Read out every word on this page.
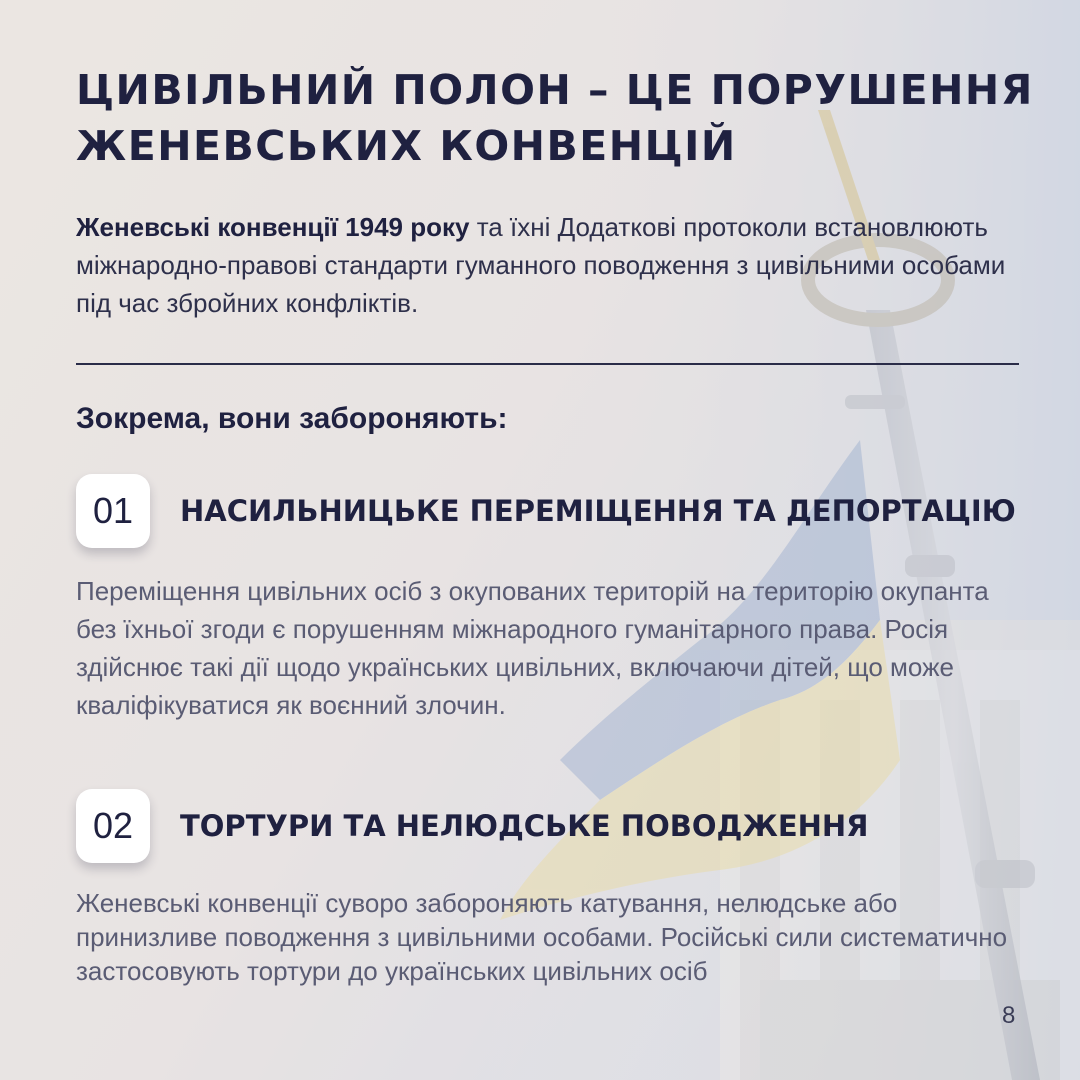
ЦИВІЛЬНИЙ ПОЛОН – ЦЕ ПОРУШЕННЯ
ЖЕНЕВСЬКИХ КОНВЕНЦІЙ

Женевські конвенції 1949 року та їхні Додаткові протоколи встановлюють міжнародно-правові стандарти гуманного поводження з цивільними особами під час збройних конфліктів.

Зокрема, вони забороняють:
01	НАСИЛЬНИЦЬКЕ ПЕРЕМІЩЕННЯ ТА ДЕПОРТАЦІЮ

Переміщення цивільних осіб з окупованих територій на територію окупанта без їхньої згоди є порушенням міжнародного гуманітарного права. Росія здійснює такі дії щодо українських цивільних, включаючи дітей, що може кваліфікуватися як воєнний злочин.

02	ТОРТУРИ ТА НЕЛЮДСЬКЕ ПОВОДЖЕННЯ

Женевські конвенції суворо забороняють катування, нелюдське або принизливе поводження з цивільними особами. Російські сили систематично застосовують тортури до українських цивільних осіб

8
